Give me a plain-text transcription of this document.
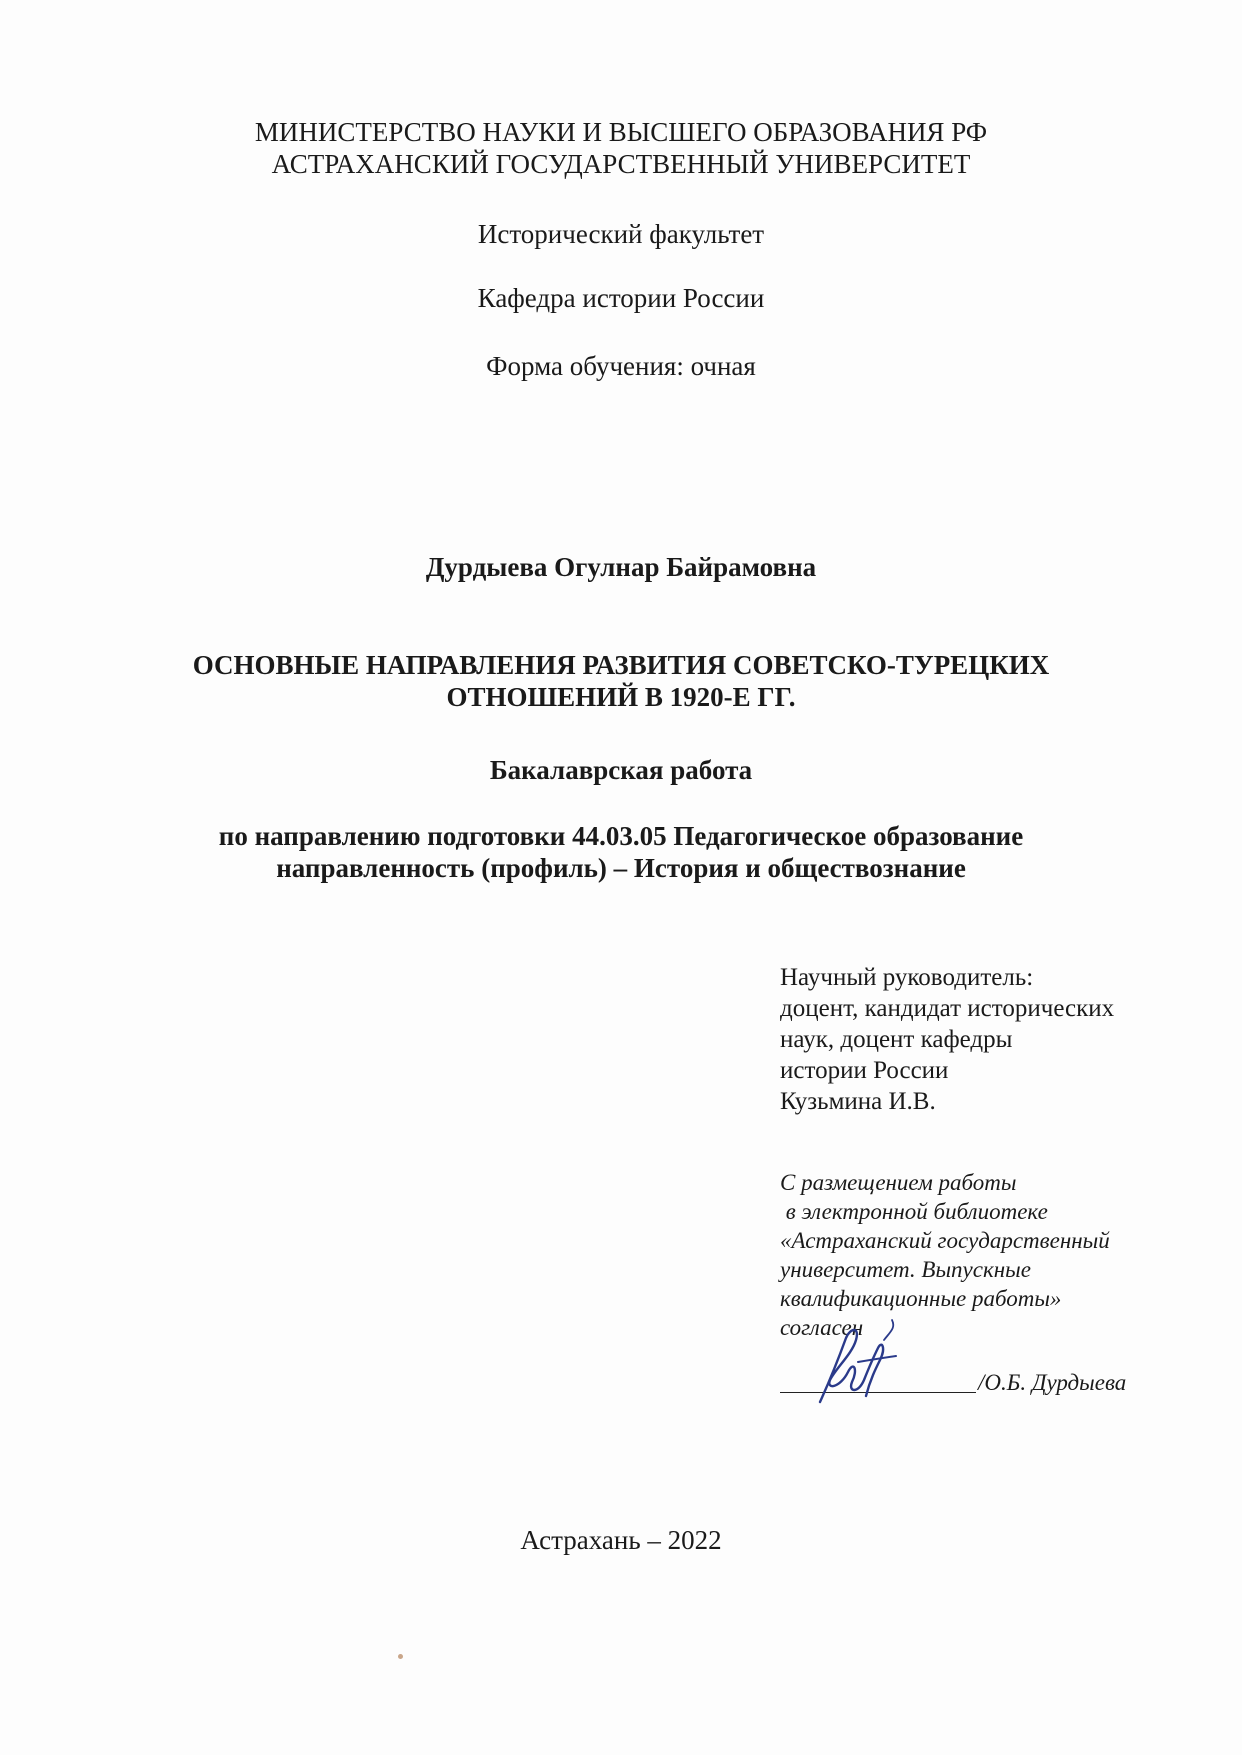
МИНИСТЕРСТВО НАУКИ И ВЫСШЕГО ОБРАЗОВАНИЯ РФ
АСТРАХАНСКИЙ ГОСУДАРСТВЕННЫЙ УНИВЕРСИТЕТ
Исторический факультет
Кафедра истории России
Форма обучения: очная
Дурдыева Огулнар Байрамовна
ОСНОВНЫЕ НАПРАВЛЕНИЯ РАЗВИТИЯ СОВЕТСКО-ТУРЕЦКИХ
ОТНОШЕНИЙ В 1920-Е ГГ.
Бакалаврская работа
по направлению подготовки 44.03.05 Педагогическое образование
направленность (профиль) – История и обществознание
Научный руководитель:
доцент, кандидат исторических
наук, доцент кафедры
истории России
Кузьмина И.В.
С размещением работы
в электронной библиотеке
«Астраханский государственный
университет. Выпускные
квалификационные работы»
согласен
/О.Б. Дурдыева
Астрахань – 2022
